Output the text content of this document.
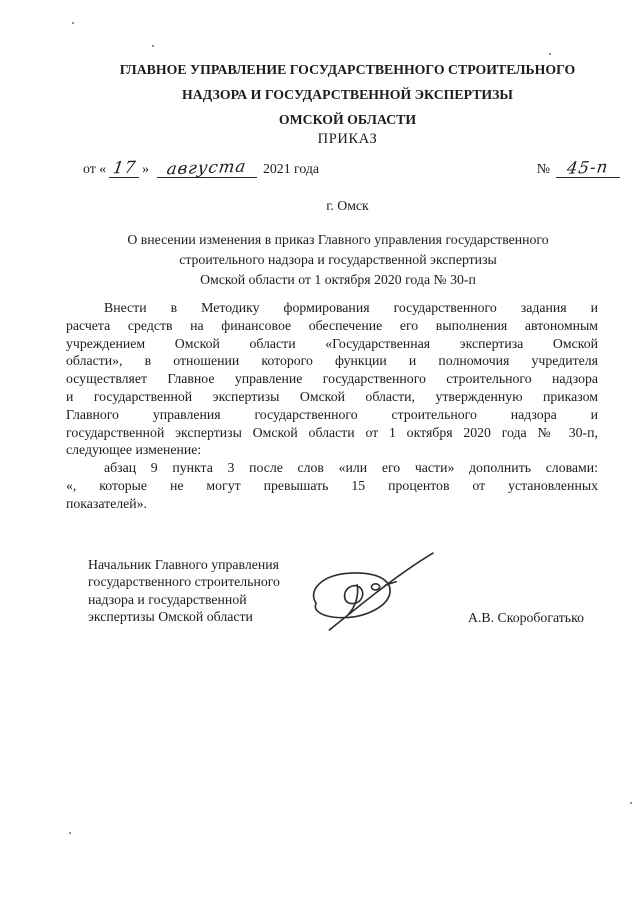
ГЛАВНОЕ УПРАВЛЕНИЕ ГОСУДАРСТВЕННОГО СТРОИТЕЛЬНОГО
НАДЗОРА И ГОСУДАРСТВЕННОЙ ЭКСПЕРТИЗЫ
ОМСКОЙ ОБЛАСТИ
ПРИКАЗ
от « 17 »	августа	2021 года	№ 45-п
г. Омск
О внесении изменения в приказ Главного управления государственного
строительного надзора и государственной экспертизы
Омской области от 1 октября 2020 года № 30-п
Внести в Методику формирования государственного задания и
расчета средств на финансовое обеспечение его выполнения автономным
учреждением Омской области «Государственная экспертиза Омской
области», в отношении которого функции и полномочия учредителя
осуществляет Главное управление государственного строительного надзора
и государственной экспертизы Омской области, утвержденную приказом
Главного управления государственного строительного надзора и
государственной экспертизы Омской области от 1 октября 2020 года № 30-п,
следующее изменение:
абзац 9 пункта 3 после слов «или его части» дополнить словами:
«, которые не могут превышать 15 процентов от установленных
показателей».
Начальник Главного управления
государственного строительного
надзора и государственной
экспертизы Омской области	А.В. Скоробогатько
